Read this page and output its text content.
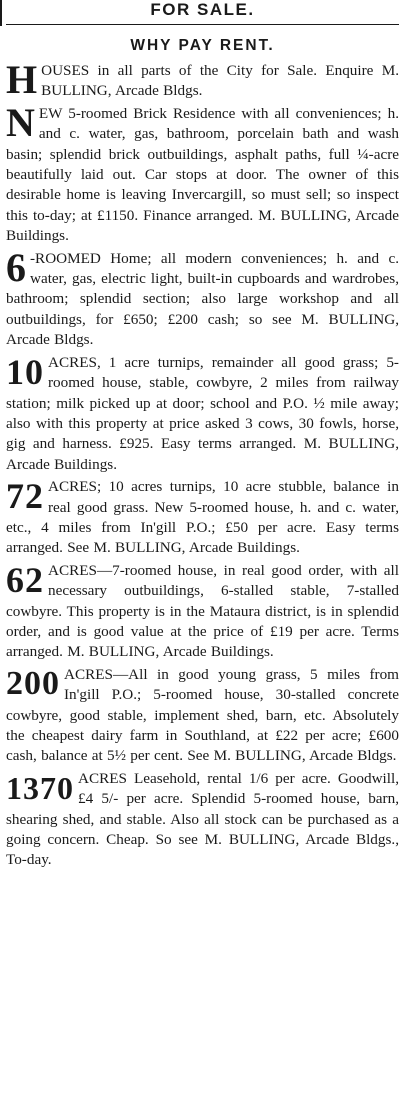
FOR SALE.
WHY PAY RENT.
HOUSES in all parts of the City for Sale. Enquire M. BULLING, Arcade Bldgs.
NEW 5-roomed Brick Residence with all conveniences; h. and c. water, gas, bathroom, porcelain bath and wash basin; splendid brick outbuildings, asphalt paths, full ¼-acre beautifully laid out. Car stops at door. The owner of this desirable home is leaving Invercargill, so must sell; so inspect this to-day; at £1150. Finance arranged. M. BULLING, Arcade Buildings.
6 -ROOMED Home; all modern conveniences; h. and c. water, gas, electric light, built-in cupboards and wardrobes, bathroom; splendid section; also large workshop and all outbuildings, for £650; £200 cash; so see M. BULLING, Arcade Bldgs.
10 ACRES, 1 acre turnips, remainder all good grass; 5-roomed house, stable, cowbyre, 2 miles from railway station; milk picked up at door; school and P.O. ½ mile away; also with this property at price asked 3 cows, 30 fowls, horse, gig and harness. £925. Easy terms arranged. M. BULLING, Arcade Buildings.
72 ACRES; 10 acres turnips, 10 acre stubble, balance in real good grass. New 5-roomed house, h. and c. water, etc., 4 miles from In'gill P.O.; £50 per acre. Easy terms arranged. See M. BULLING, Arcade Buildings.
62 ACRES—7-roomed house, in real good order, with all necessary outbuildings, 6-stalled stable, 7-stalled cowbyre. This property is in the Mataura district, is in splendid order, and is good value at the price of £19 per acre. Terms arranged. M. BULLING, Arcade Buildings.
200 ACRES—All in good young grass, 5 miles from In'gill P.O.; 5-roomed house, 30-stalled concrete cowbyre, good stable, implement shed, barn, etc. Absolutely the cheapest dairy farm in Southland, at £22 per acre; £600 cash, balance at 5½ per cent. See M. BULLING, Arcade Bldgs.
1370 ACRES Leasehold, rental 1/6 per acre. Goodwill, £4 5/- per acre. Splendid 5-roomed house, barn, shearing shed, and stable. Also all stock can be purchased as a going concern. Cheap. So see M. BULLING, Arcade Bldgs., To-day.
